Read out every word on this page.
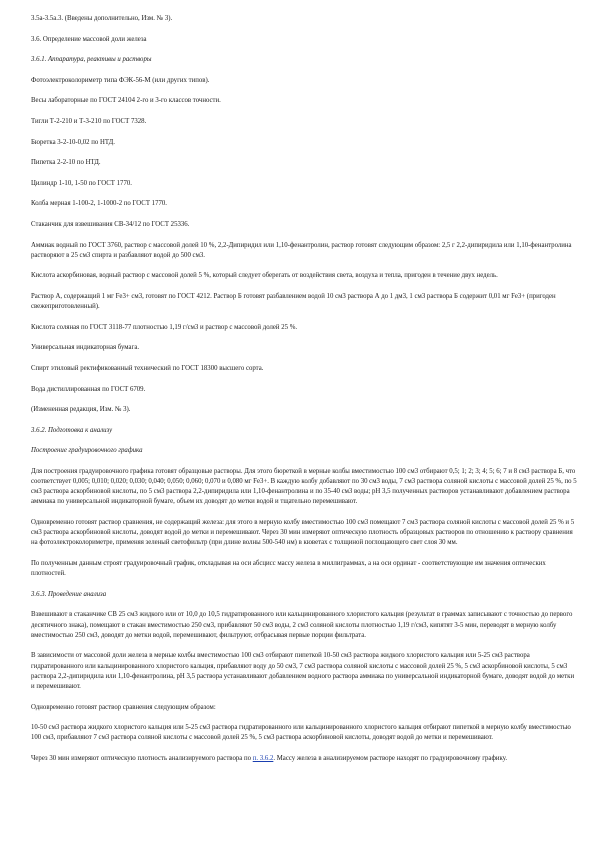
3.5а-3.5а.3. (Введены дополнительно, Изм. № 3).

3.6. Определение массовой доли железа

3.6.1. Аппаратура, реактивы и растворы

Фотоэлектроколориметр типа ФЭК-56-М (или других типов).

Весы лабораторные по ГОСТ 24104 2-го и 3-го классов точности.

Тигли Т-2-210 и Т-3-210 по ГОСТ 7328.

Бюретка 3-2-10-0,02 по НТД.

Пипетка 2-2-10 по НТД.

Цилиндр 1-10, 1-50 по ГОСТ 1770.

Колба мерная 1-100-2, 1-1000-2 по ГОСТ 1770.

Стаканчик для взвешивания СВ-34/12 по ГОСТ 25336.

Аммиак водный по ГОСТ 3760, раствор с массовой долей 10 %, 2,2-Дипиридил или 1,10-фенантролин, раствор готовят следующим образом: 2,5 г 2,2-дипиридила или 1,10-фенантролина растворяют в 25 см3 спирта и разбавляют водой до 500 см3.

Кислота аскорбиновая, водный раствор с массовой долей 5 %, который следует оберегать от воздействия света, воздуха и тепла, пригоден в течение двух недель.

Раствор А, содержащий 1 мг Fe3+ см3, готовят по ГОСТ 4212. Раствор Б готовят разбавлением водой 10 см3 раствора А до 1 дм3, 1 см3 раствора Б содержит 0,01 мг Fe3+ (пригоден свежеприготовленный).

Кислота соляная по ГОСТ 3118-77 плотностью 1,19 г/см3 и раствор с массовой долей 25 %.

Универсальная индикаторная бумага.

Спирт этиловый ректификованный технический по ГОСТ 18300 высшего сорта.

Вода дистиллированная по ГОСТ 6709.

(Измененная редакция, Изм. № 3).

3.6.2. Подготовка к анализу

Построение градуировочного графика

Для построения градуировочного графика готовят образцовые растворы. Для этого бюреткой в мерные колбы вместимостью 100 см3 отбирают 0,5; 1; 2; 3; 4; 5; 6; 7 и 8 см3 раствора Б, что соответствует 0,005; 0,010; 0,020; 0,030; 0,040; 0,050; 0,060; 0,070 и 0,080 мг Fe3+. В каждую колбу добавляют по 30 см3 воды, 7 см3 раствора соляной кислоты с массовой долей 25 %, по 5 см3 раствора аскорбиновой кислоты, по 5 см3 раствора 2,2-дипиридила или 1,10-фенантролина и по 35-40 см3 воды; pH 3,5 полученных растворов устанавливают добавлением раствора аммиака по универсальной индикаторной бумаге, объем их доводят до метки водой и тщательно перемешивают.

Одновременно готовят раствор сравнения, не содержащий железа: для этого в мерную колбу вместимостью 100 см3 помещают 7 см3 раствора соляной кислоты с массовой долей 25 % и 5 см3 раствора аскорбиновой кислоты, доводят водой до метки и перемешивают. Через 30 мин измеряют оптическую плотность образцовых растворов по отношению к раствору сравнения на фотоэлектроколориметре, применяя зеленый светофильтр (при длине волны 500-540 нм) в кюветах с толщиной поглощающего свет слоя 30 мм.

По полученным данным строят градуировочный график, откладывая на оси абсцисс массу железа в миллиграммах, а на оси ординат - соответствующие им значения оптических плотностей.

3.6.3. Проведение анализа

Взвешивают в стаканчике СВ 25 см3 жидкого или от 10,0 до 10,5 гидратированного или кальцинированного хлористого кальция (результат в граммах записывают с точностью до первого десятичного знака), помещают в стакан вместимостью 250 см3, прибавляют 50 см3 воды, 2 см3 соляной кислоты плотностью 1,19 г/см3, кипятят 3-5 мин, переводят в мерную колбу вместимостью 250 см3, доводят до метки водой, перемешивают, фильтруют, отбрасывая первые порции фильтрата.

В зависимости от массовой доли железа в мерные колбы вместимостью 100 см3 отбирают пипеткой 10-50 см3 раствора жидкого хлористого кальция или 5-25 см3 раствора гидратированного или кальцинированного хлористого кальция, прибавляют воду до 50 см3, 7 см3 раствора соляной кислоты с массовой долей 25 %, 5 см3 аскорбиновой кислоты, 5 см3 раствора 2,2-дипиридила или 1,10-фенантролина, pH 3,5 раствора устанавливают добавлением водного раствора аммиака по универсальной индикаторной бумаге, доводят водой до метки и перемешивают.

Одновременно готовят раствор сравнения следующим образом:

10-50 см3 раствора жидкого хлористого кальция или 5-25 см3 раствора гидратированного или кальцинированного хлористого кальция отбирают пипеткой в мерную колбу вместимостью 100 см3, прибавляют 7 см3 раствора соляной кислоты с массовой долей 25 %, 5 см3 раствора аскорбиновой кислоты, доводят водой до метки и перемешивают.

Через 30 мин измеряют оптическую плотность анализируемого раствора по п. 3.6.2. Массу железа в анализируемом растворе находят по градуировочному графику.
